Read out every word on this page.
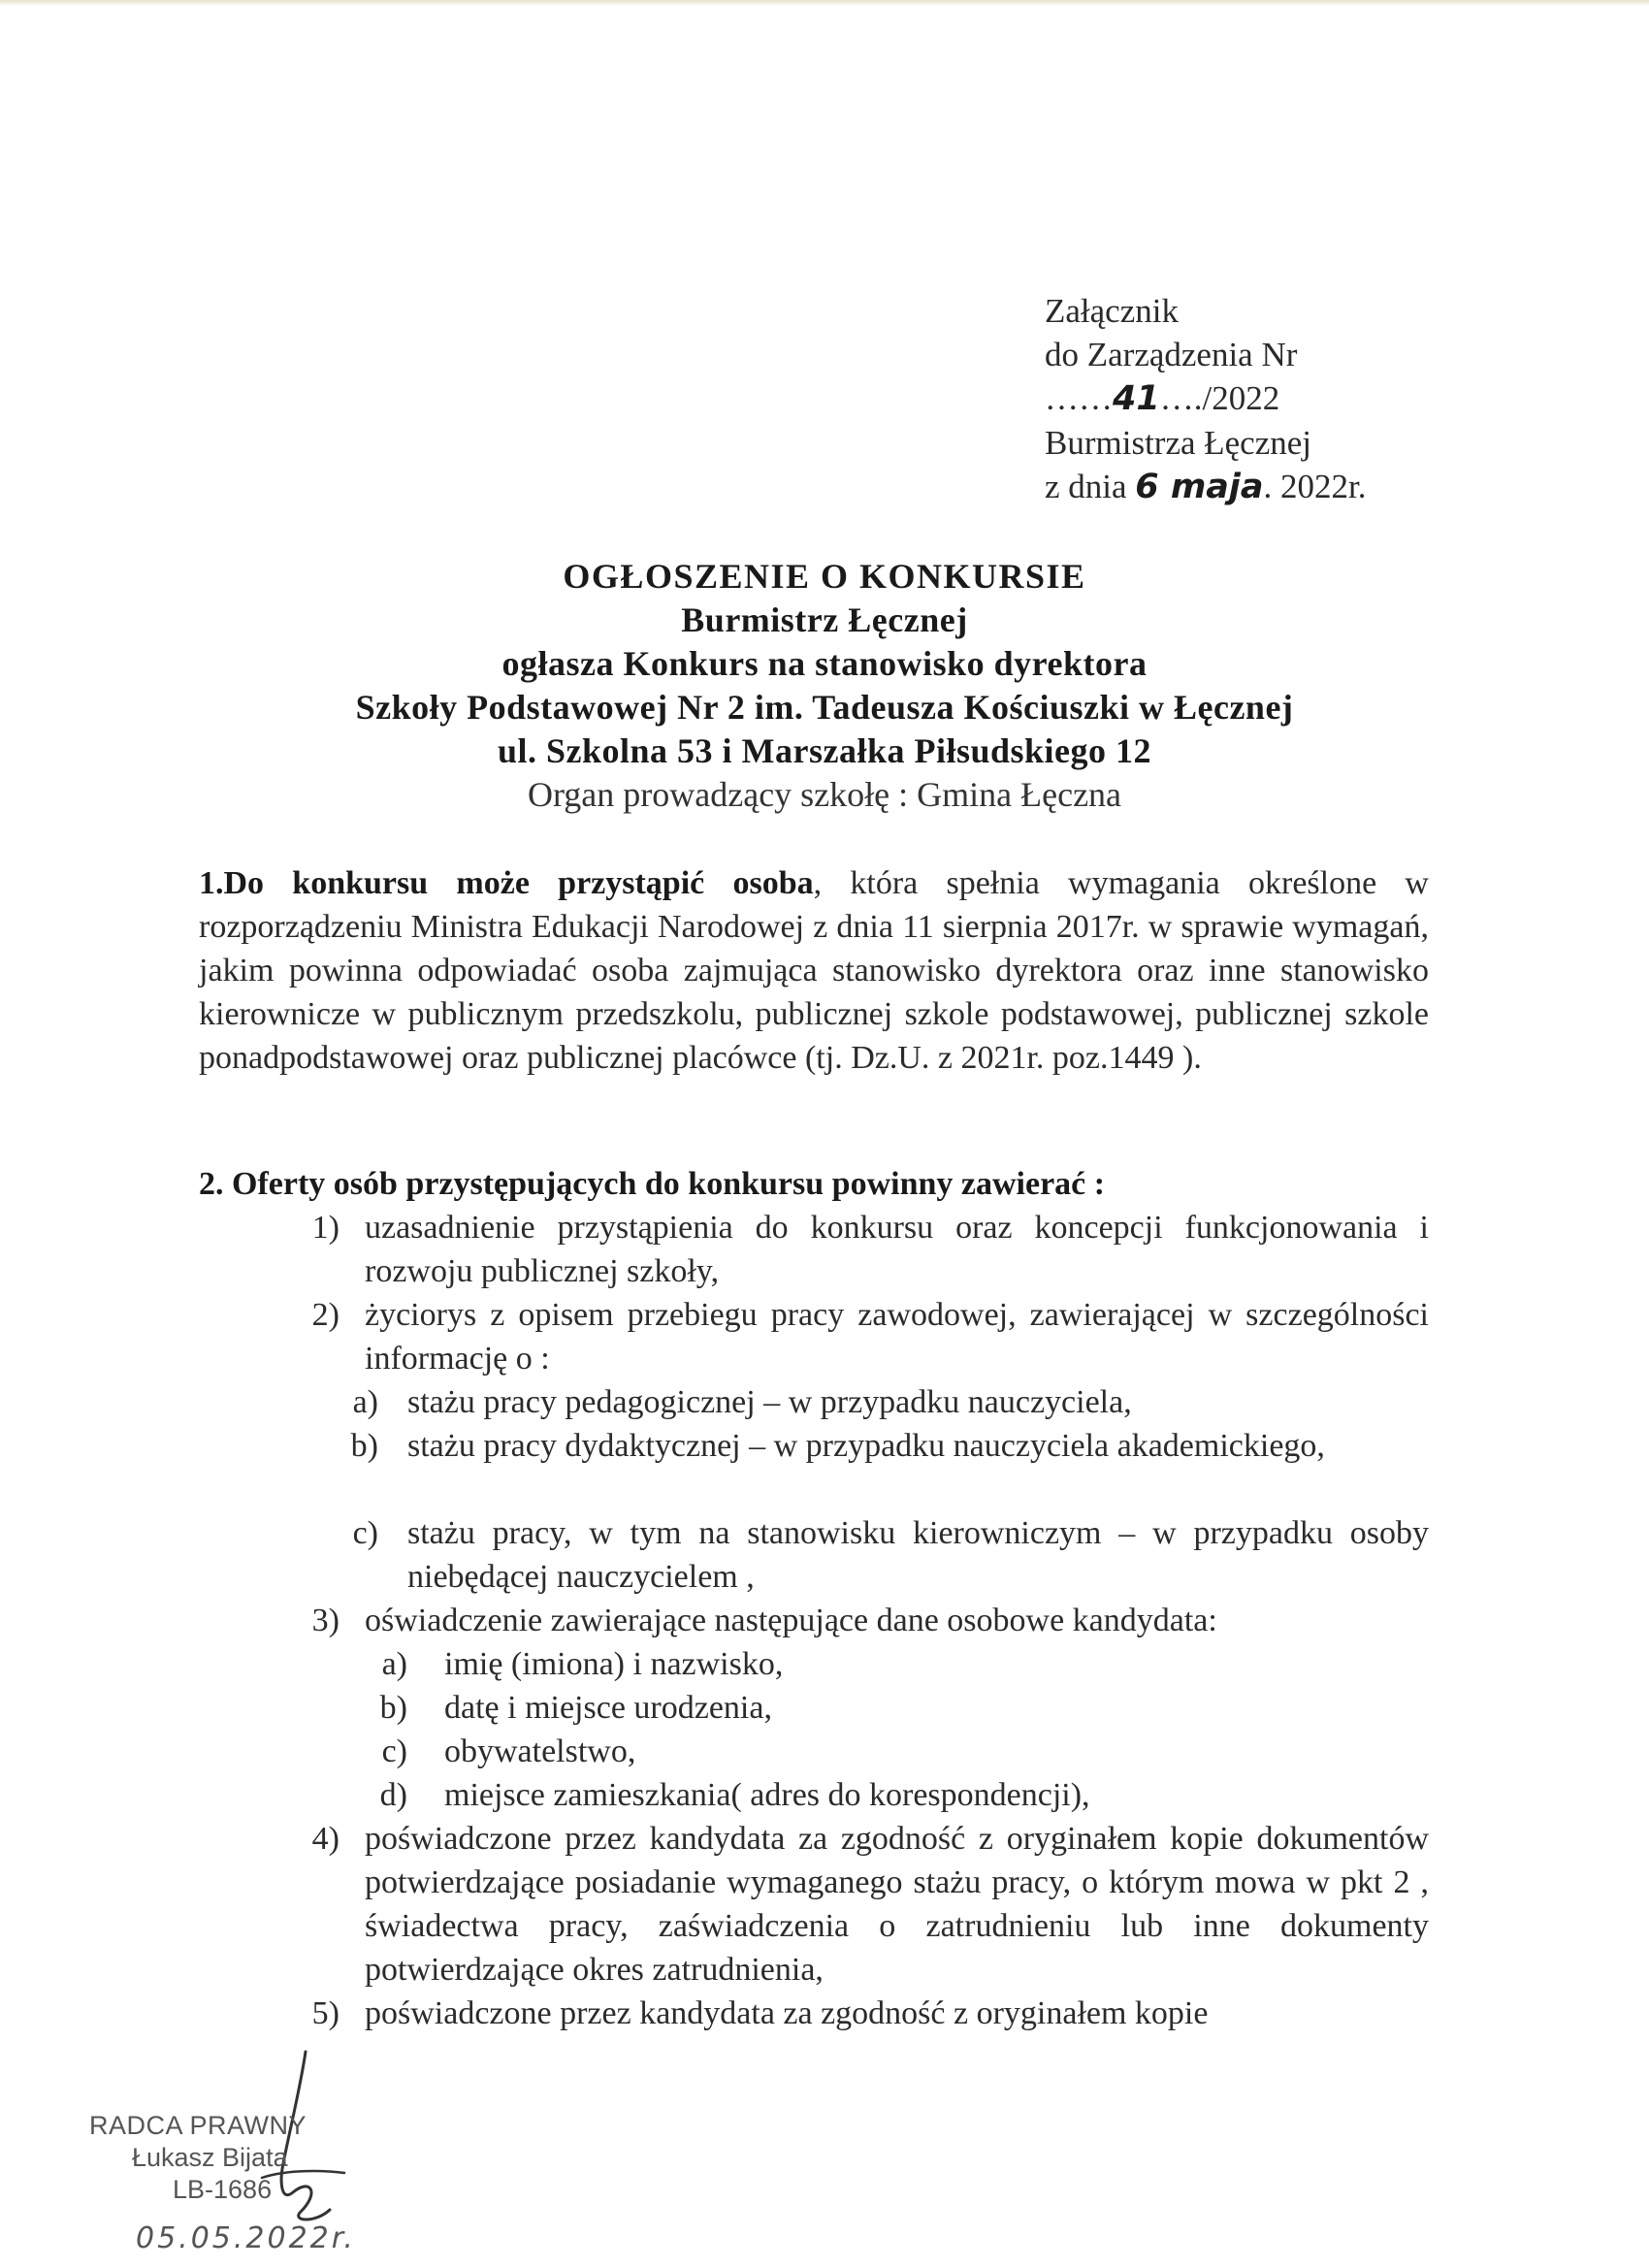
Załącznik
do Zarządzenia Nr
……41…./2022
Burmistrza Łęcznej
z dnia 6 maja. 2022r.
OGŁOSZENIE O KONKURSIE
Burmistrz Łęcznej
ogłasza Konkurs na stanowisko dyrektora
Szkoły Podstawowej Nr 2 im. Tadeusza Kościuszki w Łęcznej
ul. Szkolna 53 i Marszałka Piłsudskiego 12
Organ prowadzący szkołę : Gmina Łęczna
1.Do konkursu może przystąpić osoba, która spełnia wymagania określone w rozporządzeniu Ministra Edukacji Narodowej z dnia 11 sierpnia 2017r. w sprawie wymagań, jakim powinna odpowiadać osoba zajmująca stanowisko dyrektora oraz inne stanowisko kierownicze w publicznym przedszkolu, publicznej szkole podstawowej, publicznej szkole ponadpodstawowej oraz publicznej placówce (tj. Dz.U. z 2021r. poz.1449 ).
2. Oferty osób przystępujących do konkursu powinny zawierać :
1) uzasadnienie przystąpienia do konkursu oraz koncepcji funkcjonowania i rozwoju publicznej szkoły,
2) życiorys z opisem przebiegu pracy zawodowej, zawierającej w szczególności informację o :
a) stażu pracy pedagogicznej – w przypadku nauczyciela,
b) stażu pracy dydaktycznej – w przypadku nauczyciela akademickiego,
c) stażu pracy, w tym na stanowisku kierowniczym – w przypadku osoby niebędącej nauczycielem ,
3) oświadczenie zawierające następujące dane osobowe kandydata:
a) imię (imiona) i nazwisko,
b) datę i miejsce urodzenia,
c) obywatelstwo,
d) miejsce zamieszkania( adres do korespondencji),
4) poświadczone przez kandydata za zgodność z oryginałem kopie dokumentów potwierdzające posiadanie wymaganego stażu pracy, o którym mowa w pkt 2 , świadectwa pracy, zaświadczenia o zatrudnieniu lub inne dokumenty potwierdzające okres zatrudnienia,
5) poświadczone przez kandydata za zgodność z oryginałem kopie
RADCA PRAWNY
Łukasz Bijata
LB-1686
05.05.2022r.
